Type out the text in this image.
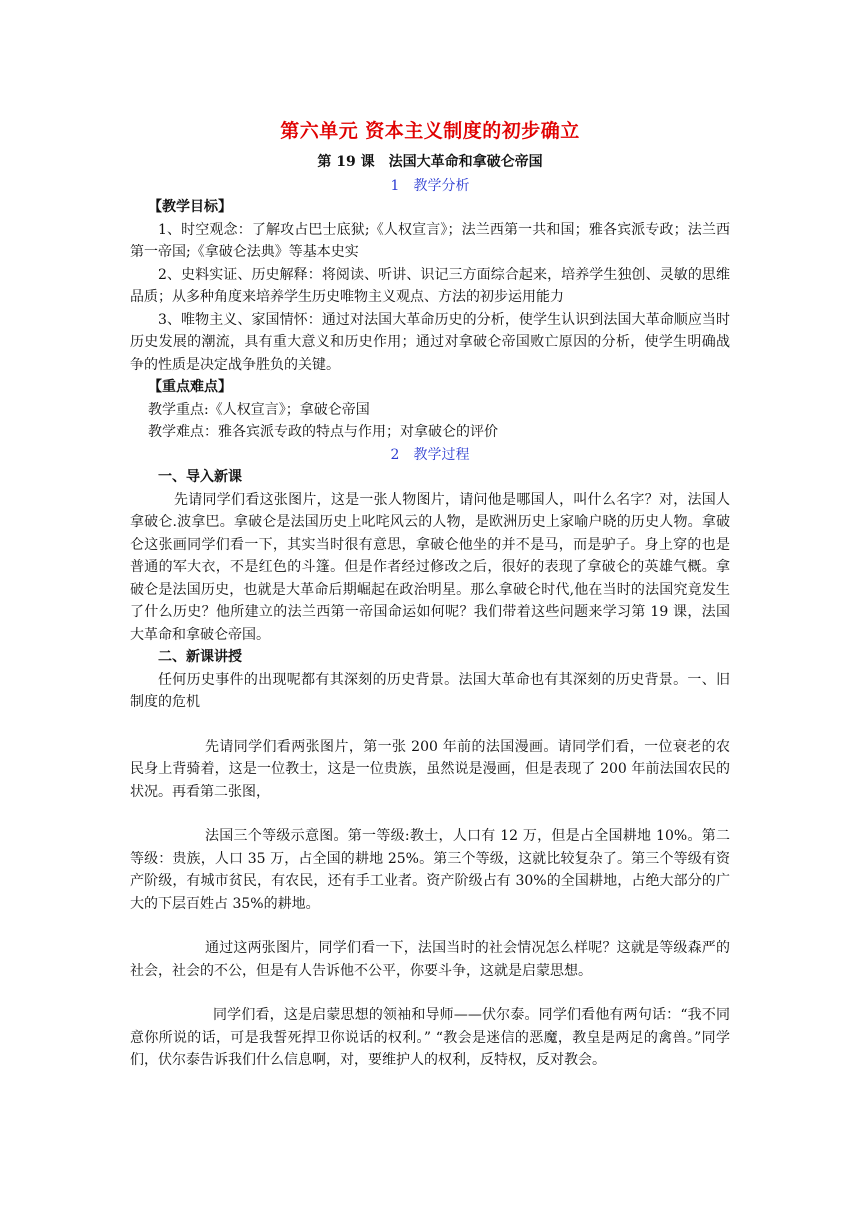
第六单元 资本主义制度的初步确立
第 19 课　法国大革命和拿破仑帝国
1　教学分析

【教学目标】

1、时空观念：了解攻占巴士底狱;《人权宣言》；法兰西第一共和国；雅各宾派专政；法兰西第一帝国;《拿破仑法典》等基本史实

2、史料实证、历史解释：将阅读、听讲、识记三方面综合起来，培养学生独创、灵敏的思维品质；从多种角度来培养学生历史唯物主义观点、方法的初步运用能力

3、唯物主义、家国情怀：通过对法国大革命历史的分析，使学生认识到法国大革命顺应当时历史发展的潮流，具有重大意义和历史作用；通过对拿破仑帝国败亡原因的分析，使学生明确战争的性质是决定战争胜负的关键。

【重点难点】

教学重点:《人权宣言》；拿破仑帝国

教学难点：雅各宾派专政的特点与作用；对拿破仑的评价

2　教学过程

一、导入新课

先请同学们看这张图片，这是一张人物图片，请问他是哪国人，叫什么名字？对，法国人拿破仑.波拿巴。拿破仑是法国历史上叱咤风云的人物，是欧洲历史上家喻户晓的历史人物。拿破仑这张画同学们看一下，其实当时很有意思，拿破仑他坐的并不是马，而是驴子。身上穿的也是普通的军大衣，不是红色的斗篷。但是作者经过修改之后，很好的表现了拿破仑的英雄气概。拿破仑是法国历史，也就是大革命后期崛起在政治明星。那么拿破仑时代,他在当时的法国究竟发生了什么历史？他所建立的法兰西第一帝国命运如何呢？我们带着这些问题来学习第 19 课，法国大革命和拿破仑帝国。

二、新课讲授

任何历史事件的出现呢都有其深刻的历史背景。法国大革命也有其深刻的历史背景。一、旧制度的危机

先请同学们看两张图片，第一张 200 年前的法国漫画。请同学们看，一位衰老的农民身上背骑着，这是一位教士，这是一位贵族，虽然说是漫画，但是表现了 200 年前法国农民的状况。再看第二张图，

法国三个等级示意图。第一等级:教士，人口有 12 万，但是占全国耕地 10%。第二等级：贵族，人口 35 万，占全国的耕地 25%。第三个等级，这就比较复杂了。第三个等级有资产阶级，有城市贫民，有农民，还有手工业者。资产阶级占有 30%的全国耕地，占绝大部分的广大的下层百姓占 35%的耕地。

通过这两张图片，同学们看一下，法国当时的社会情况怎么样呢？这就是等级森严的社会，社会的不公，但是有人告诉他不公平，你要斗争，这就是启蒙思想。

同学们看，这是启蒙思想的领袖和导师——伏尔泰。同学们看他有两句话：“我不同意你所说的话，可是我誓死捍卫你说话的权利。” “教会是迷信的恶魔，教皇是两足的禽兽。”同学们，伏尔泰告诉我们什么信息啊，对，要维护人的权利，反特权，反对教会。
